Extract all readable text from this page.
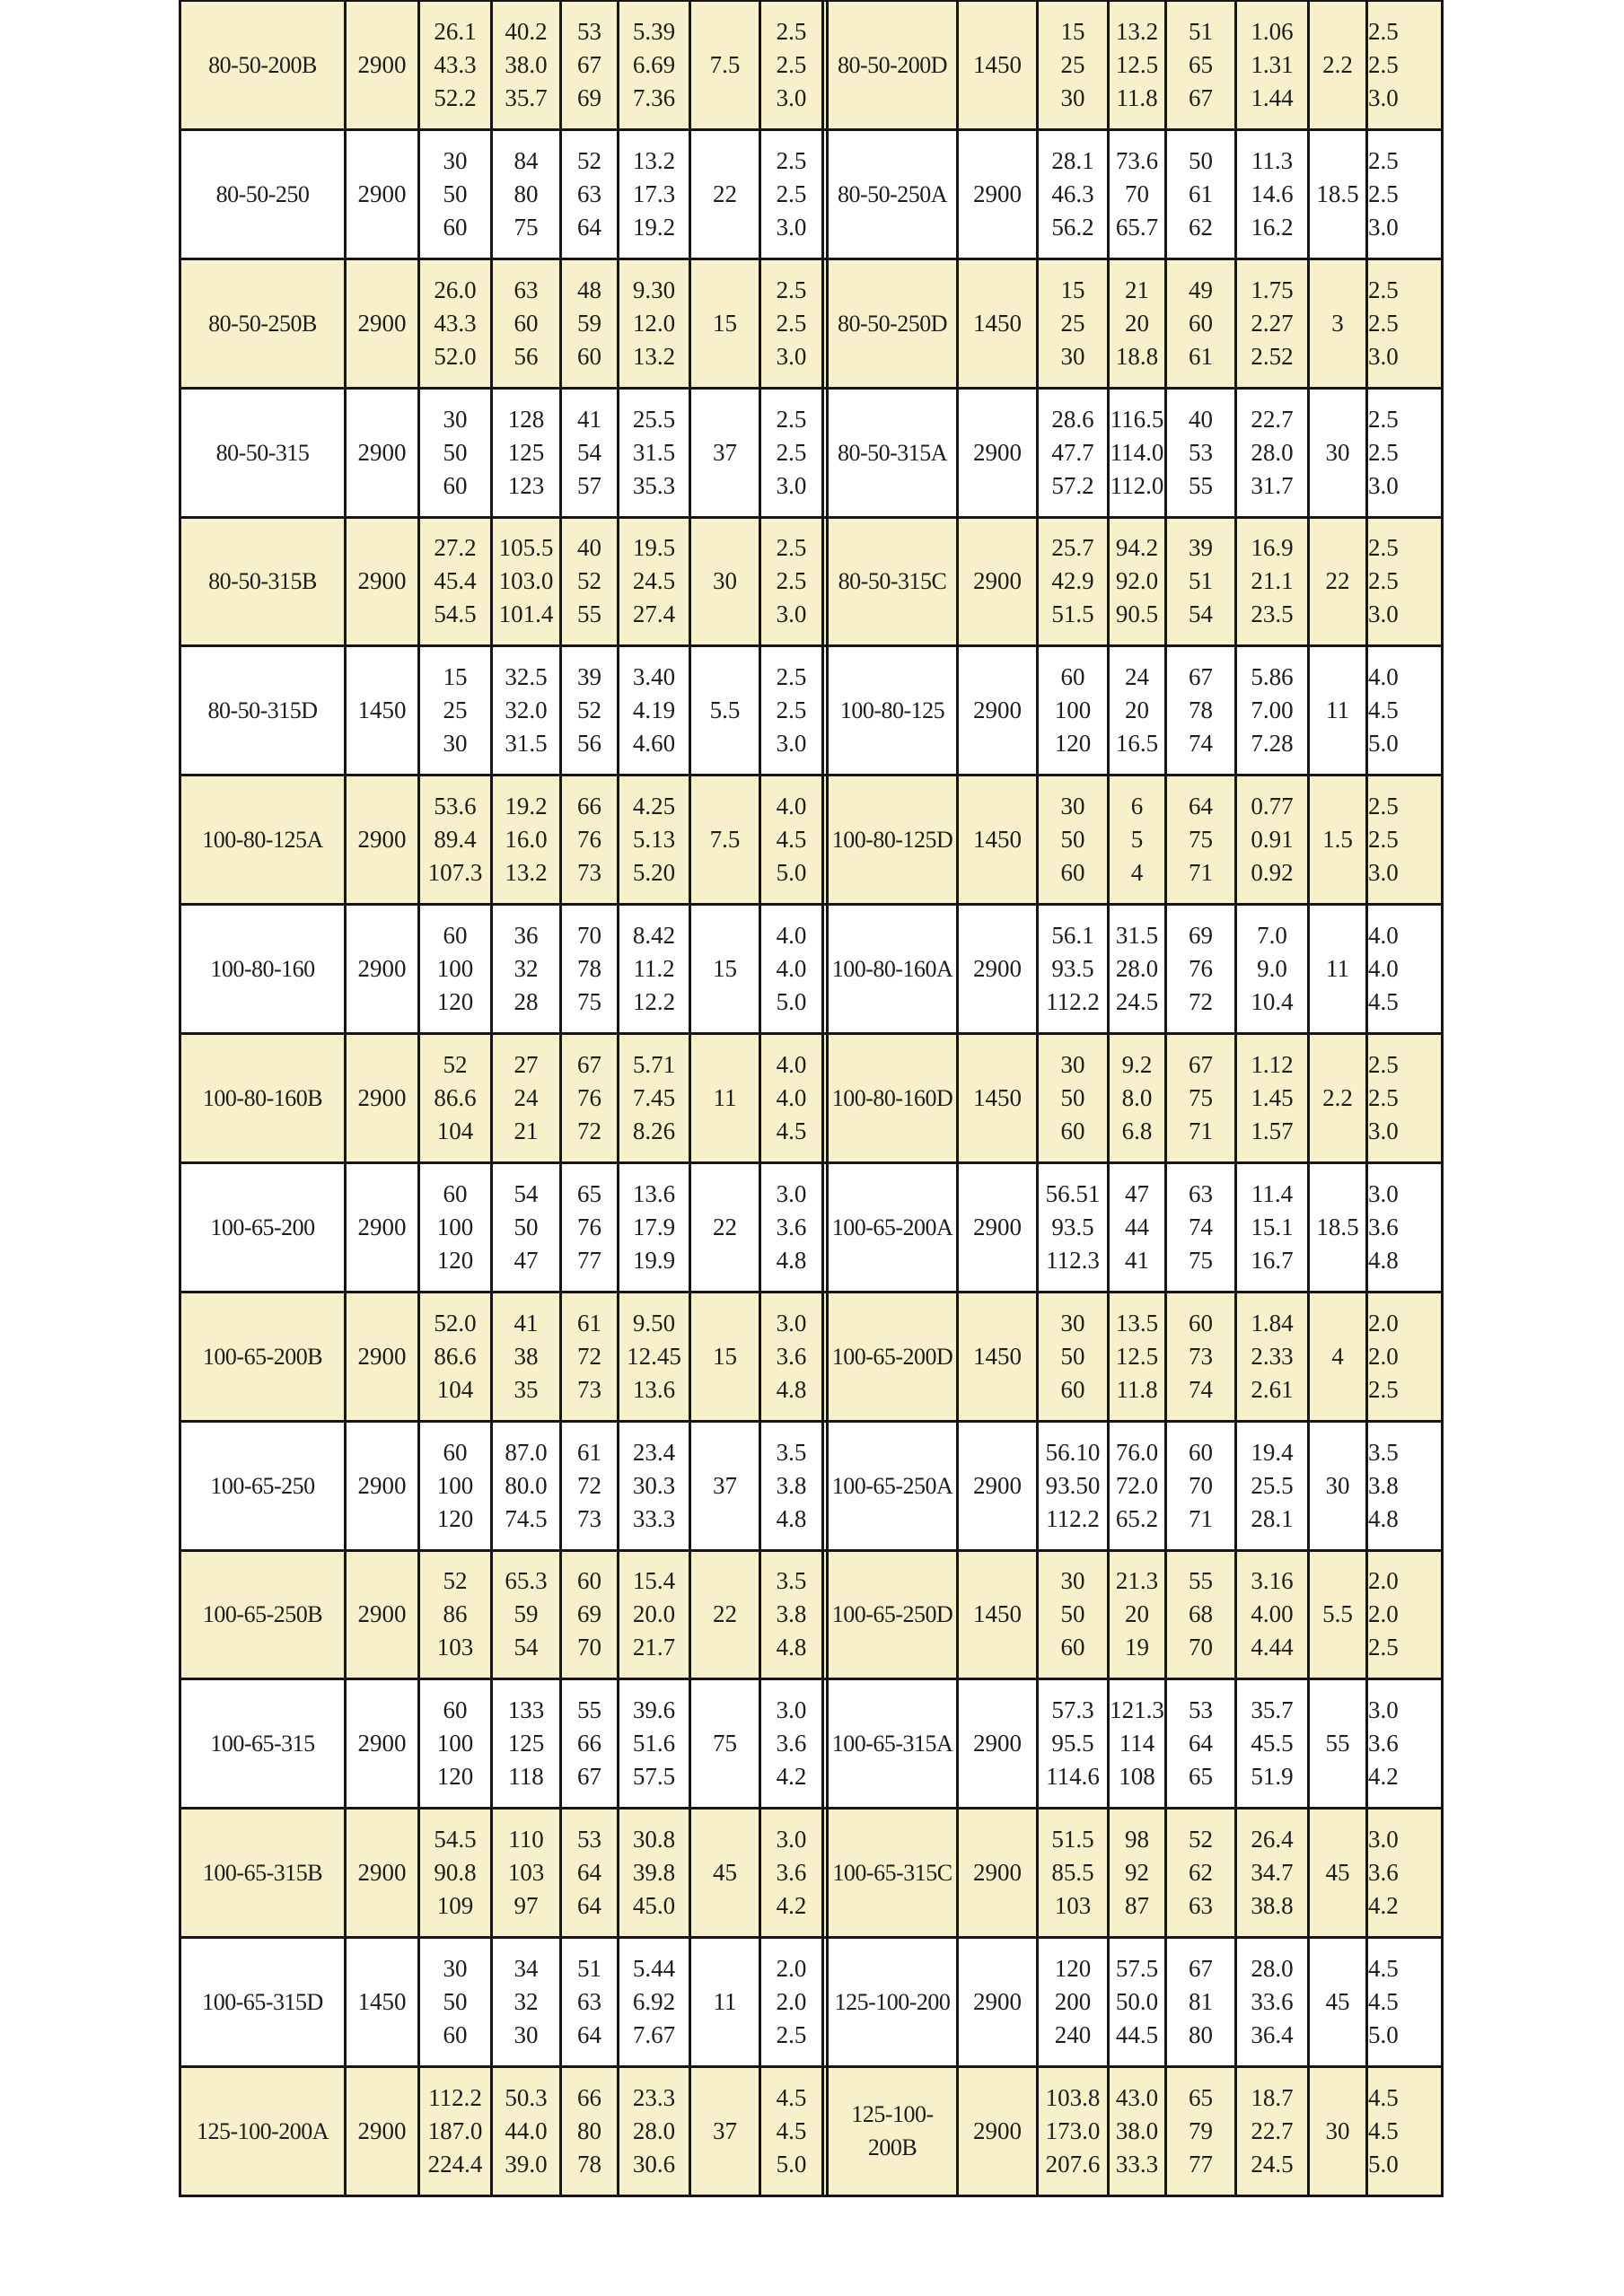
80-50-200B 2900
26.1
43.3
52.2
40.2
38.0
35.7
53
67
69
5.39
6.69
7.36
7.5
2.5
2.5
3.0
80-50-200D 1450
15
25
30
13.2
12.5
11.8
51
65
67
1.06
1.31
1.44
2.2
2.5
2.5
3.0
80-50-250 2900
30
50
60
84
80
75
52
63
64
13.2
17.3
19.2
22
2.5
2.5
3.0
80-50-250A 2900
28.1
46.3
56.2
73.6
70
65.7
50
61
62
11.3
14.6
16.2
18.5
2.5
2.5
3.0
80-50-250B 2900
26.0
43.3
52.0
63
60
56
48
59
60
9.30
12.0
13.2
15
2.5
2.5
3.0
80-50-250D 1450
15
25
30
21
20
18.8
49
60
61
1.75
2.27
2.52
3
2.5
2.5
3.0
80-50-315 2900
30
50
60
128
125
123
41
54
57
25.5
31.5
35.3
37
2.5
2.5
3.0
80-50-315A 2900
28.6
47.7
57.2
116.5
114.0
112.0
40
53
55
22.7
28.0
31.7
30
2.5
2.5
3.0
80-50-315B 2900
27.2
45.4
54.5
105.5
103.0
101.4
40
52
55
19.5
24.5
27.4
30
2.5
2.5
3.0
80-50-315C 2900
25.7
42.9
51.5
94.2
92.0
90.5
39
51
54
16.9
21.1
23.5
22
2.5
2.5
3.0
80-50-315D 1450
15
25
30
32.5
32.0
31.5
39
52
56
3.40
4.19
4.60
5.5
2.5
2.5
3.0
100-80-125 2900
60
100
120
24
20
16.5
67
78
74
5.86
7.00
7.28
11
4.0
4.5
5.0
100-80-125A 2900
53.6
89.4
107.3
19.2
16.0
13.2
66
76
73
4.25
5.13
5.20
7.5
4.0
4.5
5.0
100-80-125D 1450
30
50
60
6
5
4
64
75
71
0.77
0.91
0.92
1.5
2.5
2.5
3.0
100-80-160 2900
60
100
120
36
32
28
70
78
75
8.42
11.2
12.2
15
4.0
4.0
5.0
100-80-160A 2900
56.1
93.5
112.2
31.5
28.0
24.5
69
76
72
7.0
9.0
10.4
11
4.0
4.0
4.5
100-80-160B 2900
52
86.6
104
27
24
21
67
76
72
5.71
7.45
8.26
11
4.0
4.0
4.5
100-80-160D 1450
30
50
60
9.2
8.0
6.8
67
75
71
1.12
1.45
1.57
2.2
2.5
2.5
3.0
100-65-200 2900
60
100
120
54
50
47
65
76
77
13.6
17.9
19.9
22
3.0
3.6
4.8
100-65-200A 2900
56.51
93.5
112.3
47
44
41
63
74
75
11.4
15.1
16.7
18.5
3.0
3.6
4.8
100-65-200B 2900
52.0
86.6
104
41
38
35
61
72
73
9.50
12.45
13.6
15
3.0
3.6
4.8
100-65-200D 1450
30
50
60
13.5
12.5
11.8
60
73
74
1.84
2.33
2.61
4
2.0
2.0
2.5
100-65-250 2900
60
100
120
87.0
80.0
74.5
61
72
73
23.4
30.3
33.3
37
3.5
3.8
4.8
100-65-250A 2900
56.10
93.50
112.2
76.0
72.0
65.2
60
70
71
19.4
25.5
28.1
30
3.5
3.8
4.8
100-65-250B 2900
52
86
103
65.3
59
54
60
69
70
15.4
20.0
21.7
22
3.5
3.8
4.8
100-65-250D 1450
30
50
60
21.3
20
19
55
68
70
3.16
4.00
4.44
5.5
2.0
2.0
2.5
100-65-315 2900
60
100
120
133
125
118
55
66
67
39.6
51.6
57.5
75
3.0
3.6
4.2
100-65-315A 2900
57.3
95.5
114.6
121.3
114
108
53
64
65
35.7
45.5
51.9
55
3.0
3.6
4.2
100-65-315B 2900
54.5
90.8
109
110
103
97
53
64
64
30.8
39.8
45.0
45
3.0
3.6
4.2
100-65-315C 2900
51.5
85.5
103
98
92
87
52
62
63
26.4
34.7
38.8
45
3.0
3.6
4.2
100-65-315D 1450
30
50
60
34
32
30
51
63
64
5.44
6.92
7.67
11
2.0
2.0
2.5
125-100-200 2900
120
200
240
57.5
50.0
44.5
67
81
80
28.0
33.6
36.4
45
4.5
4.5
5.0
125-100-200A 2900
112.2
187.0
224.4
50.3
44.0
39.0
66
80
78
23.3
28.0
30.6
37
4.5
4.5
5.0
125-100-200B
2900
103.8
173.0
207.6
43.0
38.0
33.3
65
79
77
18.7
22.7
24.5
30
4.5
4.5
5.0
